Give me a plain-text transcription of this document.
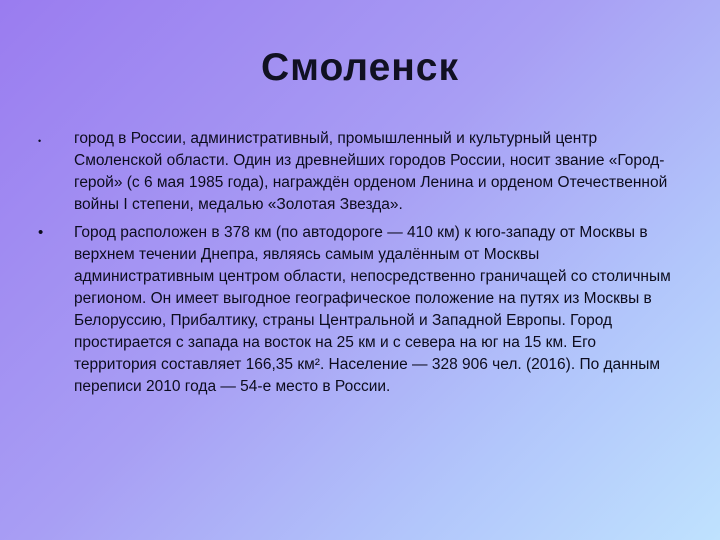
Смоленск
• город в России, административный, промышленный и культурный центр Смоленской области. Один из древнейших городов России, носит звание «Город-герой» (с 6 мая 1985 года), награждён орденом Ленина и орденом Отечественной войны I степени, медалью «Золотая Звезда».
• Город расположен в 378 км (по автодороге — 410 км) к юго-западу от Москвы в верхнем течении Днепра, являясь самым удалённым от Москвы административным центром области, непосредственно граничащей со столичным регионом. Он имеет выгодное географическое положение на путях из Москвы в Белоруссию, Прибалтику, страны Центральной и Западной Европы. Город простирается с запада на восток на 25 км и с севера на юг на 15 км. Его территория составляет 166,35 км². Население — 328 906 чел. (2016). По данным переписи 2010 года — 54-е место в России.
